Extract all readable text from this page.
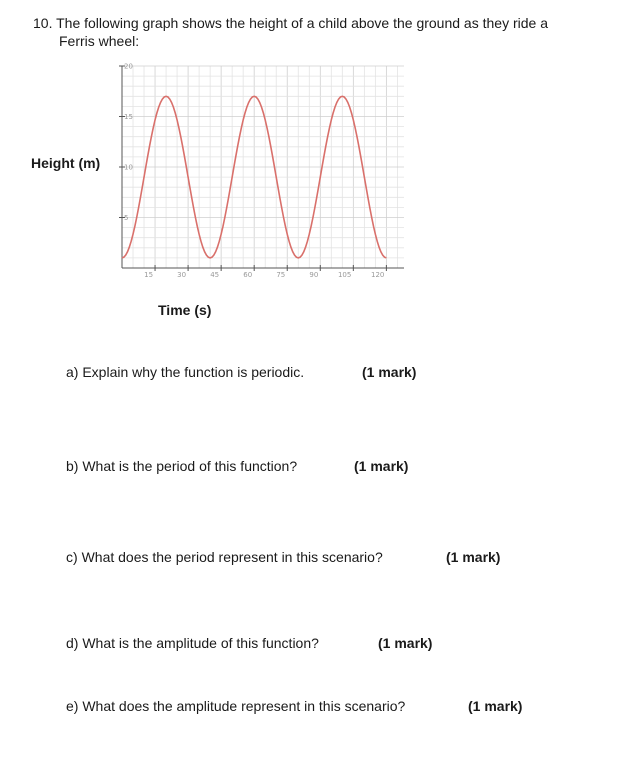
10. The following graph shows the height of a child above the ground as they ride a
Ferris wheel:
Height (m)
Time (s)
15	30	45	60	75	90	105	120
5
10
15
20
a) Explain why the function is periodic.	(1 mark)
b) What is the period of this function?	(1 mark)
c) What does the period represent in this scenario?	(1 mark)
d) What is the amplitude of this function?	(1 mark)
e) What does the amplitude represent in this scenario?	(1 mark)
